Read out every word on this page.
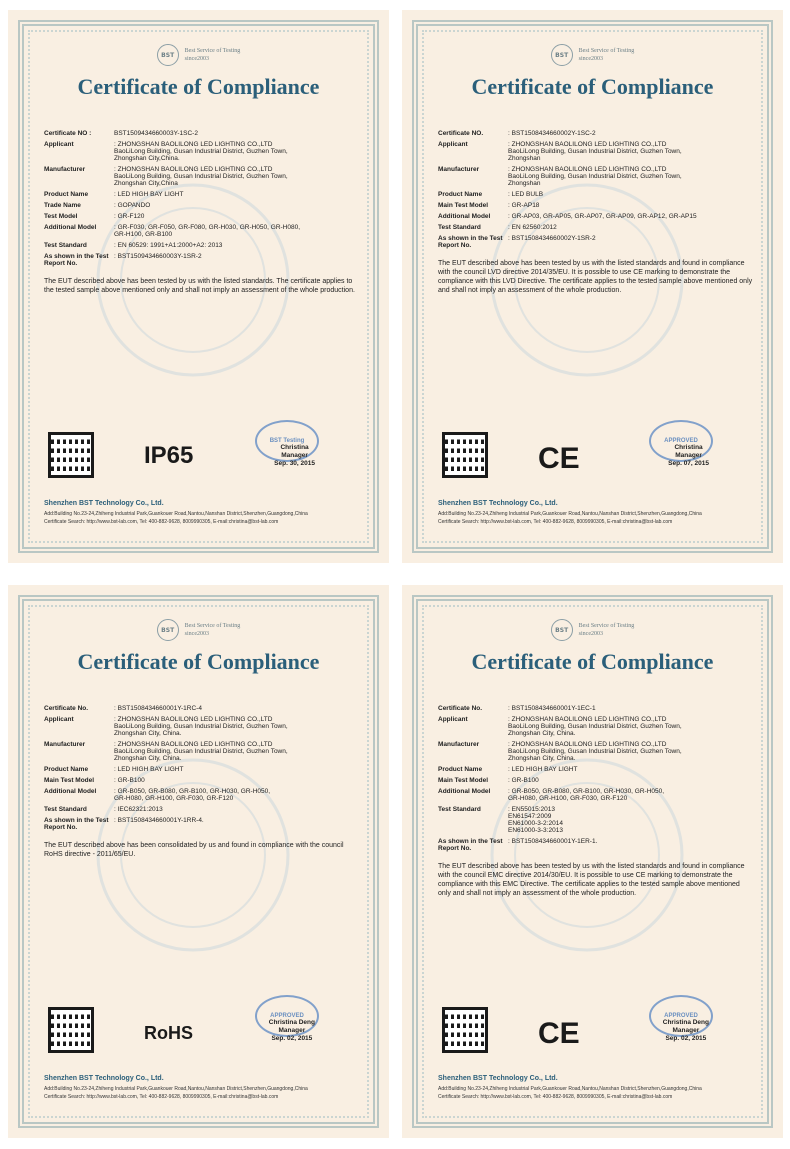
BST
Best Service of Testing
since2003
Certificate of Compliance
Certificate NO :	BST1509434660003Y-1SC-2
Applicant	: ZHONGSHAN BAOLILONG LED LIGHTING CO.,LTD
BaoLiLong Building, Gusan Industrial District, Guzhen Town,
Zhongshan City,China.
Manufacturer	: ZHONGSHAN BAOLILONG LED LIGHTING CO.,LTD
BaoLiLong Building, Gusan Industrial District, Guzhen Town,
Zhongshan City,China
Product Name	: LED HIGH BAY LIGHT
Trade Name	: GOPANDO
Test Model	: GR-F120
Additional Model	: GR-F030, GR-F050, GR-F080, GR-H030, GR-H050, GR-H080,
GR-H100, GR-B100
Test Standard	: EN 60529: 1991+A1:2000+A2: 2013
As shown in the Test Report No.
: BST1509434660003Y-1SR-2
The EUT described above has been tested by us with the listed standards. The certificate applies to the tested sample above mentioned only and shall not imply an assessment of the whole production.
IP65
BST Testing
Christina
Manager
Sep. 30, 2015
Shenzhen BST Technology Co., Ltd.
Add:Building No.23-24,Zhiheng Industrial Park,Guankouer Road,Nantou,Nanshan District,Shenzhen,Guangdong,China
Certificate Search: http://www.bst-lab.com, Tel: 400-882-9628, 8009990305, E-mail:christina@bst-lab.com
BST
Best Service of Testing
since2003
Certificate of Compliance
Certificate NO.	: BST1508434660002Y-1SC-2
Applicant	: ZHONGSHAN BAOLILONG LED LIGHTING CO.,LTD
BaoLiLong Building, Gusan Industrial District, Guzhen Town,
Zhongshan
Manufacturer	: ZHONGSHAN BAOLILONG LED LIGHTING CO.,LTD
BaoLiLong Building, Gusan Industrial District, Guzhen Town,
Zhongshan
Product Name	: LED BULB
Main Test Model	: GR-AP18
Additional Model	: GR-AP03, GR-AP05, GR-AP07, GR-AP09, GR-AP12, GR-AP15
Test Standard	: EN 62560:2012
As shown in the Test Report No.
: BST1508434660002Y-1SR-2
The EUT described above has been tested by us with the listed standards and found in compliance with the council LVD directive 2014/35/EU. It is possible to use CE marking to demonstrate the compliance with this LVD Directive. The certificate applies to the tested sample above mentioned only and shall not imply an assessment of the whole production.
CE
APPROVED
Christina
Manager
Sep. 07, 2015
Shenzhen BST Technology Co., Ltd.
Add:Building No.23-24,Zhiheng Industrial Park,Guankouer Road,Nantou,Nanshan District,Shenzhen,Guangdong,China
Certificate Search: http://www.bst-lab.com, Tel: 400-882-9628, 8009990305, E-mail:christina@bst-lab.com
BST
Best Service of Testing
since2003
Certificate of Compliance
Certificate No.	: BST1508434660001Y-1RC-4
Applicant	: ZHONGSHAN BAOLILONG LED LIGHTING CO.,LTD
BaoLiLong Building, Gusan Industrial District, Guzhen Town,
Zhongshan City, China.
Manufacturer	: ZHONGSHAN BAOLILONG LED LIGHTING CO.,LTD
BaoLiLong Building, Gusan Industrial District, Guzhen Town,
Zhongshan City, China.
Product Name	: LED HIGH BAY LIGHT
Main Test Model	: GR-B100
Additional Model	: GR-B050, GR-B080, GR-B100, GR-H030, GR-H050,
GR-H080, GR-H100, GR-F030, GR-F120
Test Standard	: IEC62321:2013
As shown in the Test Report No.
: BST1508434660001Y-1RR-4.
The EUT described above has been consolidated by us and found in compliance with the council RoHS directive - 2011/65/EU.
RoHS
APPROVED
Christina Deng
Manager
Sep. 02, 2015
Shenzhen BST Technology Co., Ltd.
Add:Building No.23-24,Zhiheng Industrial Park,Guankouer Road,Nantou,Nanshan District,Shenzhen,Guangdong,China
Certificate Search: http://www.bst-lab.com, Tel: 400-882-9628, 8009990305, E-mail:christina@bst-lab.com
BST
Best Service of Testing
since2003
Certificate of Compliance
Certificate No.	: BST1508434660001Y-1EC-1
Applicant	: ZHONGSHAN BAOLILONG LED LIGHTING CO.,LTD
BaoLiLong Building, Gusan Industrial District, Guzhen Town,
Zhongshan City, China.
Manufacturer	: ZHONGSHAN BAOLILONG LED LIGHTING CO.,LTD
BaoLiLong Building, Gusan Industrial District, Guzhen Town,
Zhongshan City, China.
Product Name	: LED HIGH BAY LIGHT
Main Test Model	: GR-B100
Additional Model	: GR-B050, GR-B080, GR-B100, GR-H030, GR-H050,
GR-H080, GR-H100, GR-F030, GR-F120
Test Standard	: EN55015:2013
EN61547:2009
EN61000-3-2:2014
EN61000-3-3:2013
As shown in the Test Report No.
: BST1508434660001Y-1ER-1.
The EUT described above has been tested by us with the listed standards and found in compliance with the council EMC directive 2014/30/EU. It is possible to use CE marking to demonstrate the compliance with this EMC Directive. The certificate applies to the tested sample above mentioned only and shall not imply an assessment of the whole production.
CE
APPROVED
Christina Deng
Manager
Sep. 02, 2015
Shenzhen BST Technology Co., Ltd.
Add:Building No.23-24,Zhiheng Industrial Park,Guankouer Road,Nantou,Nanshan District,Shenzhen,Guangdong,China
Certificate Search: http://www.bst-lab.com, Tel: 400-882-9628, 8009990305, E-mail:christina@bst-lab.com
